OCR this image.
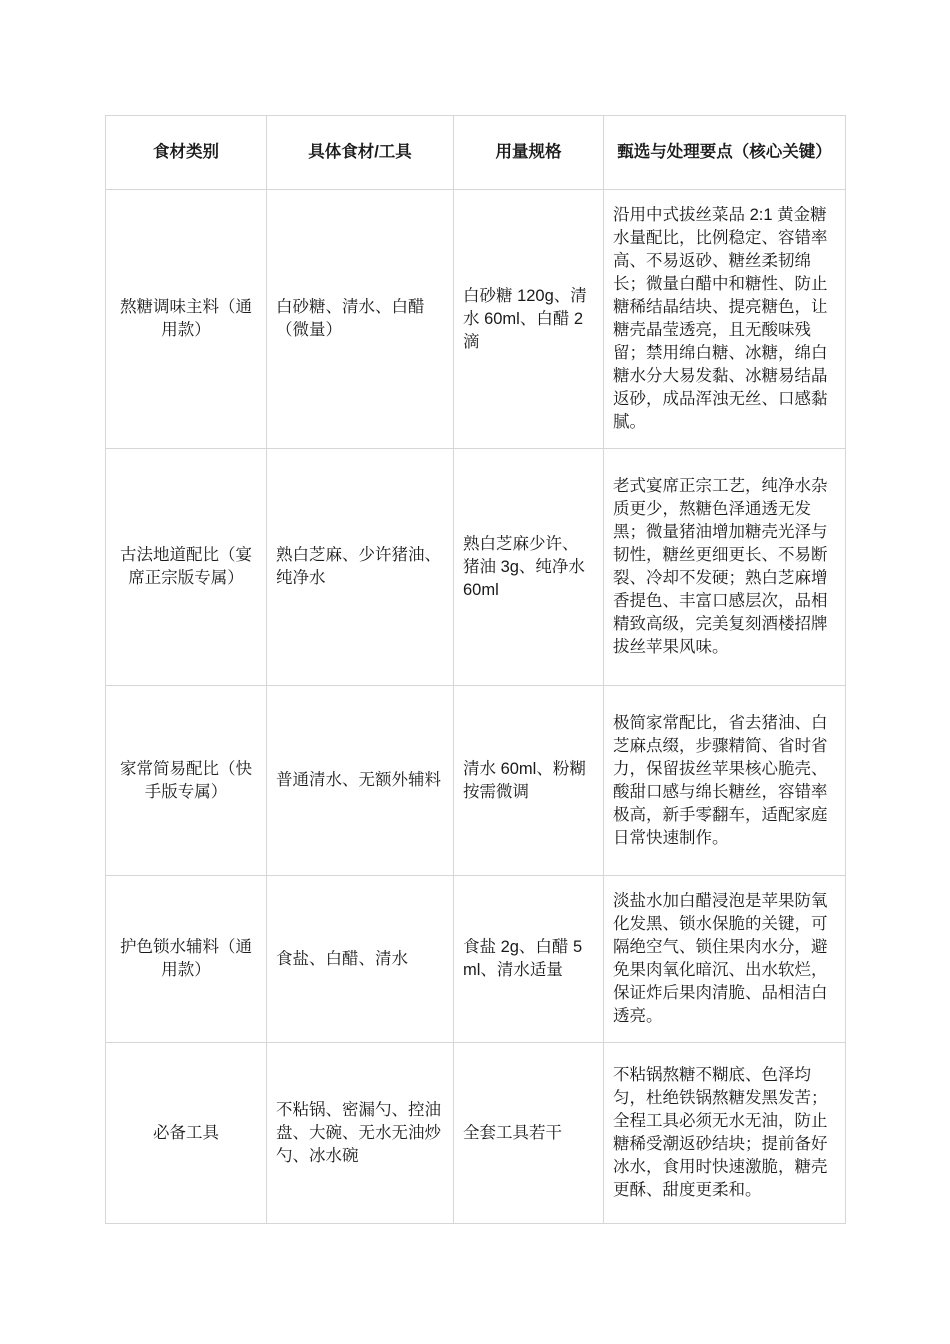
食材类别	具体食材/工具	用量规格	甄选与处理要点（核心关键）
熬糖调味主料（通用款）	白砂糖、清水、白醋（微量）	白砂糖 120g、清水 60ml、白醋 2 滴	沿用中式拔丝菜品 2:1 黄金糖水量配比，比例稳定、容错率高、不易返砂、糖丝柔韧绵长；微量白醋中和糖性、防止糖稀结晶结块、提亮糖色，让糖壳晶莹透亮，且无酸味残留；禁用绵白糖、冰糖，绵白糖水分大易发黏、冰糖易结晶返砂，成品浑浊无丝、口感黏腻。
古法地道配比（宴席正宗版专属）	熟白芝麻、少许猪油、纯净水	熟白芝麻少许、猪油 3g、纯净水 60ml	老式宴席正宗工艺，纯净水杂质更少，熬糖色泽通透无发黑；微量猪油增加糖壳光泽与韧性，糖丝更细更长、不易断裂、冷却不发硬；熟白芝麻增香提色、丰富口感层次，品相精致高级，完美复刻酒楼招牌拔丝苹果风味。
家常简易配比（快手版专属）	普通清水、无额外辅料	清水 60ml、粉糊按需微调	极简家常配比，省去猪油、白芝麻点缀，步骤精简、省时省力，保留拔丝苹果核心脆壳、酸甜口感与绵长糖丝，容错率极高，新手零翻车，适配家庭日常快速制作。
护色锁水辅料（通用款）	食盐、白醋、清水	食盐 2g、白醋 5ml、清水适量	淡盐水加白醋浸泡是苹果防氧化发黑、锁水保脆的关键，可隔绝空气、锁住果肉水分，避免果肉氧化暗沉、出水软烂，保证炸后果肉清脆、品相洁白透亮。
必备工具	不粘锅、密漏勺、控油盘、大碗、无水无油炒勺、冰水碗	全套工具若干	不粘锅熬糖不糊底、色泽均匀，杜绝铁锅熬糖发黑发苦；全程工具必须无水无油，防止糖稀受潮返砂结块；提前备好冰水，食用时快速激脆，糖壳更酥、甜度更柔和。
